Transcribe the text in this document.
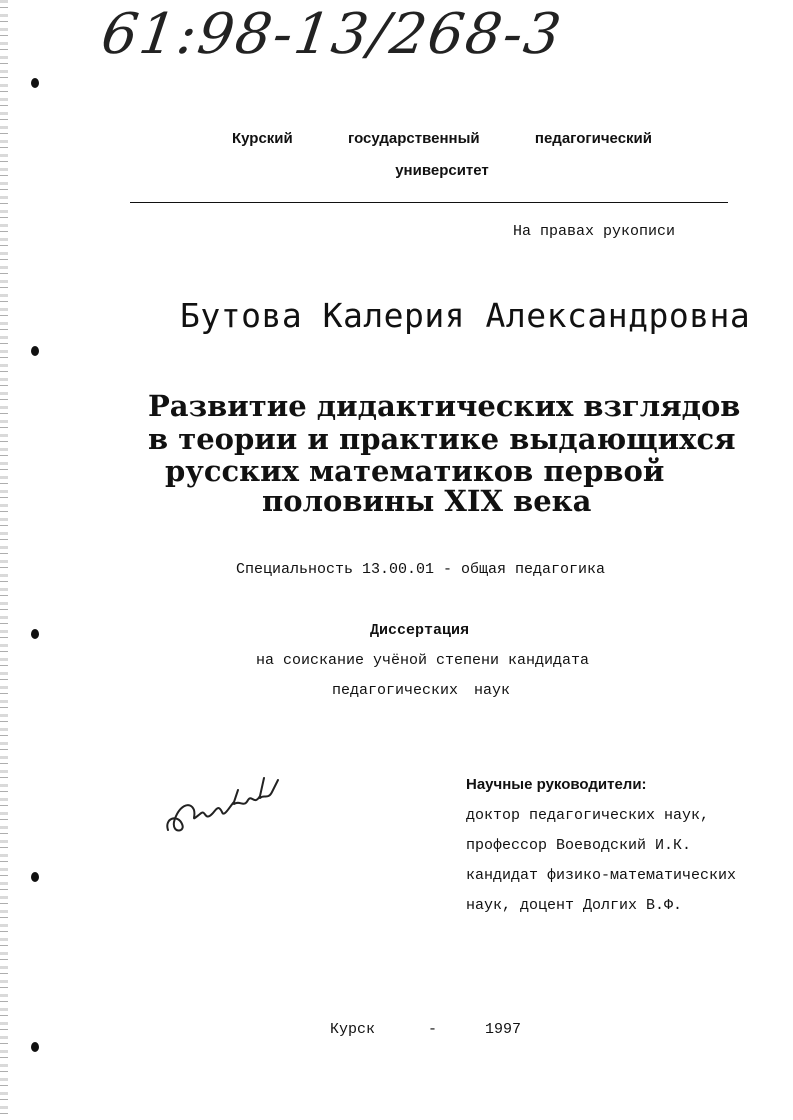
61:98-13/268-3
Курский	государственный	педагогический
университет
На правах рукописи
Бутова Калерия Александровна
Развитие дидактических взглядов
в теории и практике выдающихся
русских математиков первой
половины XIX века
Специальность 13.00.01 - общая педагогика
Диссертация
на соискание учёной степени кандидата
педагогических наук
Научные руководители:
доктор педагогических наук,
профессор Воеводский И.К.
кандидат физико-математических
наук, доцент Долгих В.Ф.
Курск	-	1997
